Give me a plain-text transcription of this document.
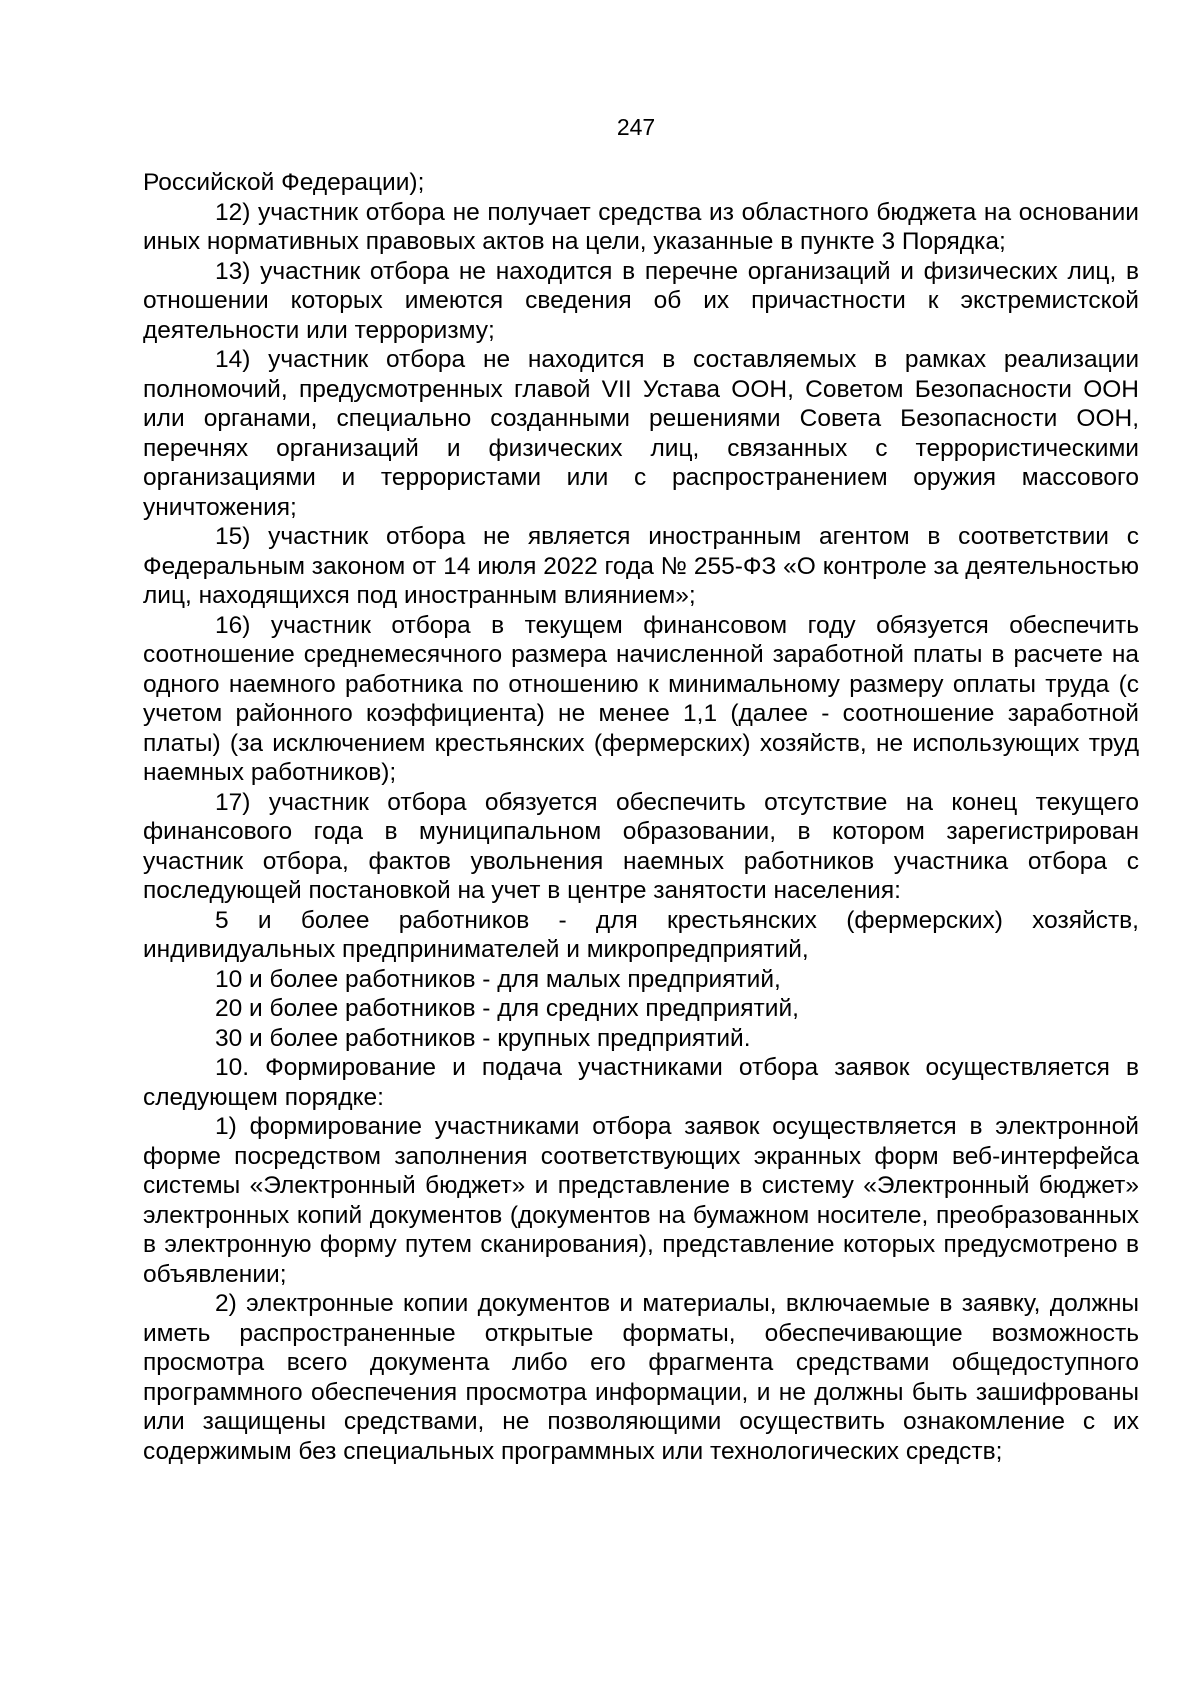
247

Российской Федерации);

12) участник отбора не получает средства из областного бюджета на основании иных нормативных правовых актов на цели, указанные в пункте 3 Порядка;

13) участник отбора не находится в перечне организаций и физических лиц, в отношении которых имеются сведения об их причастности к экстремистской деятельности или терроризму;

14) участник отбора не находится в составляемых в рамках реализации полномочий, предусмотренных главой VII Устава ООН, Советом Безопасности ООН или органами, специально созданными решениями Совета Безопасности ООН, перечнях организаций и физических лиц, связанных с террористическими организациями и террористами или с распространением оружия массового уничтожения;

15) участник отбора не является иностранным агентом в соответствии с Федеральным законом от 14 июля 2022 года № 255-ФЗ «О контроле за деятельностью лиц, находящихся под иностранным влиянием»;

16) участник отбора в текущем финансовом году обязуется обеспечить соотношение среднемесячного размера начисленной заработной платы в расчете на одного наемного работника по отношению к минимальному размеру оплаты труда (с учетом районного коэффициента) не менее 1,1 (далее - соотношение заработной платы) (за исключением крестьянских (фермерских) хозяйств, не использующих труд наемных работников);

17) участник отбора обязуется обеспечить отсутствие на конец текущего финансового года в муниципальном образовании, в котором зарегистрирован участник отбора, фактов увольнения наемных работников участника отбора с последующей постановкой на учет в центре занятости населения:

5 и более работников - для крестьянских (фермерских) хозяйств, индивидуальных предпринимателей и микропредприятий,

10 и более работников - для малых предприятий,

20 и более работников - для средних предприятий,

30 и более работников - крупных предприятий.

10. Формирование и подача участниками отбора заявок осуществляется в следующем порядке:

1) формирование участниками отбора заявок осуществляется в электронной форме посредством заполнения соответствующих экранных форм веб-интерфейса системы «Электронный бюджет» и представление в систему «Электронный бюджет» электронных копий документов (документов на бумажном носителе, преобразованных в электронную форму путем сканирования), представление которых предусмотрено в объявлении;

2) электронные копии документов и материалы, включаемые в заявку, должны иметь распространенные открытые форматы, обеспечивающие возможность просмотра всего документа либо его фрагмента средствами общедоступного программного обеспечения просмотра информации, и не должны быть зашифрованы или защищены средствами, не позволяющими осуществить ознакомление с их содержимым без специальных программных или технологических средств;
